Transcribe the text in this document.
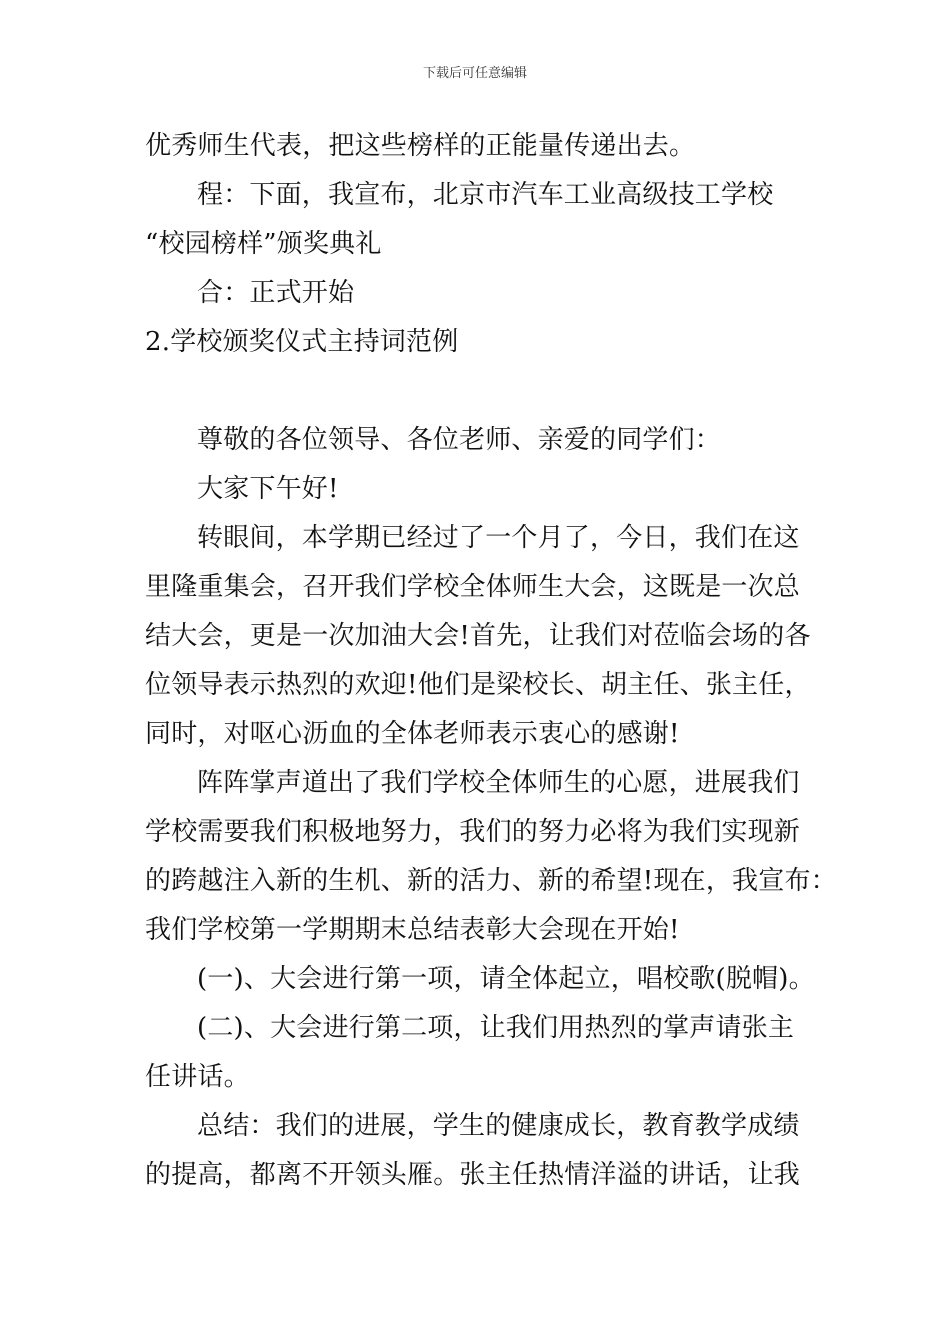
下载后可任意编辑
优秀师生代表，把这些榜样的正能量传递出去。
程：下面，我宣布，北京市汽车工业高级技工学校
“校园榜样”颁奖典礼
合：正式开始
2.学校颁奖仪式主持词范例
尊敬的各位领导、各位老师、亲爱的同学们：
大家下午好!
转眼间，本学期已经过了一个月了，今日，我们在这
里隆重集会，召开我们学校全体师生大会，这既是一次总
结大会，更是一次加油大会!首先，让我们对莅临会场的各
位领导表示热烈的欢迎!他们是梁校长、胡主任、张主任，
同时，对呕心沥血的全体老师表示衷心的感谢!
阵阵掌声道出了我们学校全体师生的心愿，进展我们
学校需要我们积极地努力，我们的努力必将为我们实现新
的跨越注入新的生机、新的活力、新的希望!现在，我宣布：
我们学校第一学期期末总结表彰大会现在开始!
(一)、大会进行第一项，请全体起立，唱校歌(脱帽)。
(二)、大会进行第二项，让我们用热烈的掌声请张主
任讲话。
总结：我们的进展，学生的健康成长，教育教学成绩
的提高，都离不开领头雁。张主任热情洋溢的讲话，让我
